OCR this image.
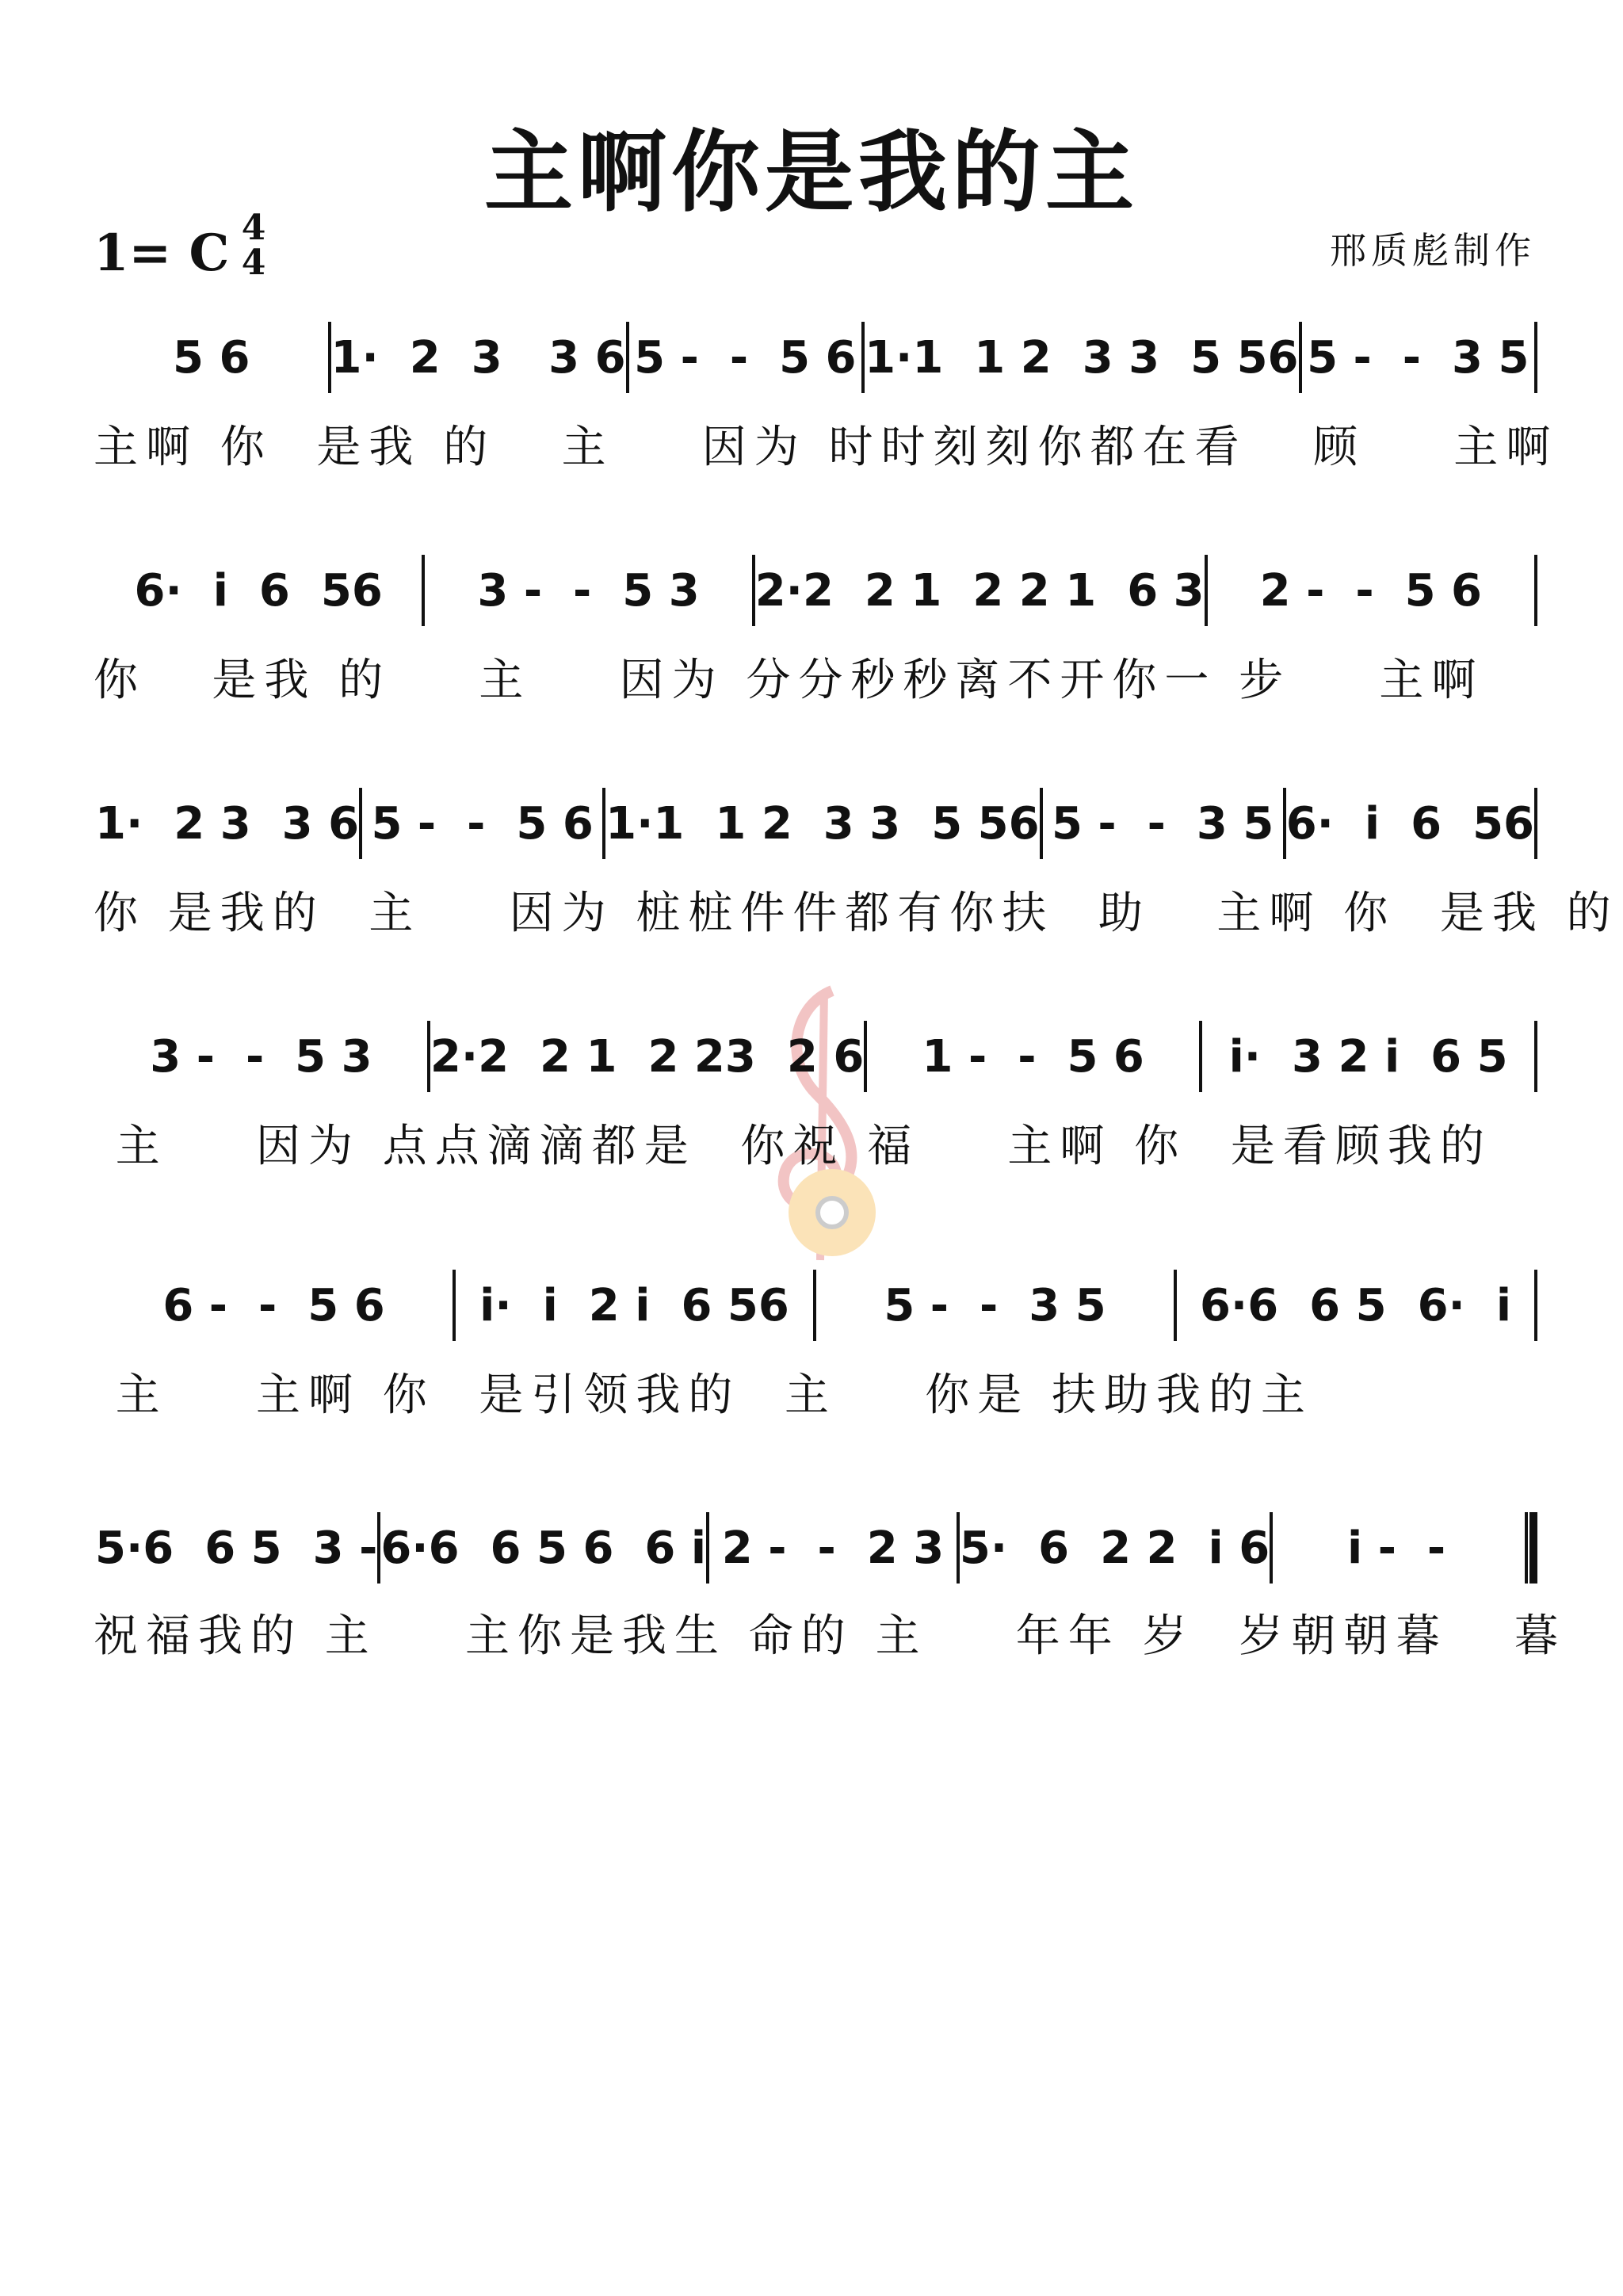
主啊你是我的主
1= C 4
4	邢质彪制作
5 6	1·  2  3   3 6 5 -  -  5 6 1·1  1 2  3 3  5 56 5 -  -  3 5
主啊 你  是我 的   主    因为 时时刻刻你都在看   顾    主啊
6·  i  6  56	3 -  -  5 3	2·2  2 1  2 2 1  6 3	2 -  -  5 6
你   是我 的    主    因为 分分秒秒离不开你一 步    主啊
1·  2 3  3 6 5 -  -  5 6 1·1  1 2  3 3  5 56 5 -  -  3 5 6·  i  6  56
你 是我的  主    因为 桩桩件件都有你扶  助   主啊 你  是我 的
3 -  -  5 3	2·2  2 1  2 23  2 6	1 -  -  5 6	i·  3 2 i  6 5
主    因为 点点滴滴都是  你祝 福    主啊 你  是看顾我的
6 -  -  5 6	i·  i  2 i  6 56	5 -  -  3 5	6·6  6 5  6·  i
主    主啊 你  是引领我的  主    你是 扶助我的主
5·6  6 5  3 - 6·6  6 5 6  6 i 2 -  -  2 3 5·  6  2 2  i 6	i -  -
祝福我的 主    主你是我生 命的 主    年年 岁  岁朝朝暮   暮
